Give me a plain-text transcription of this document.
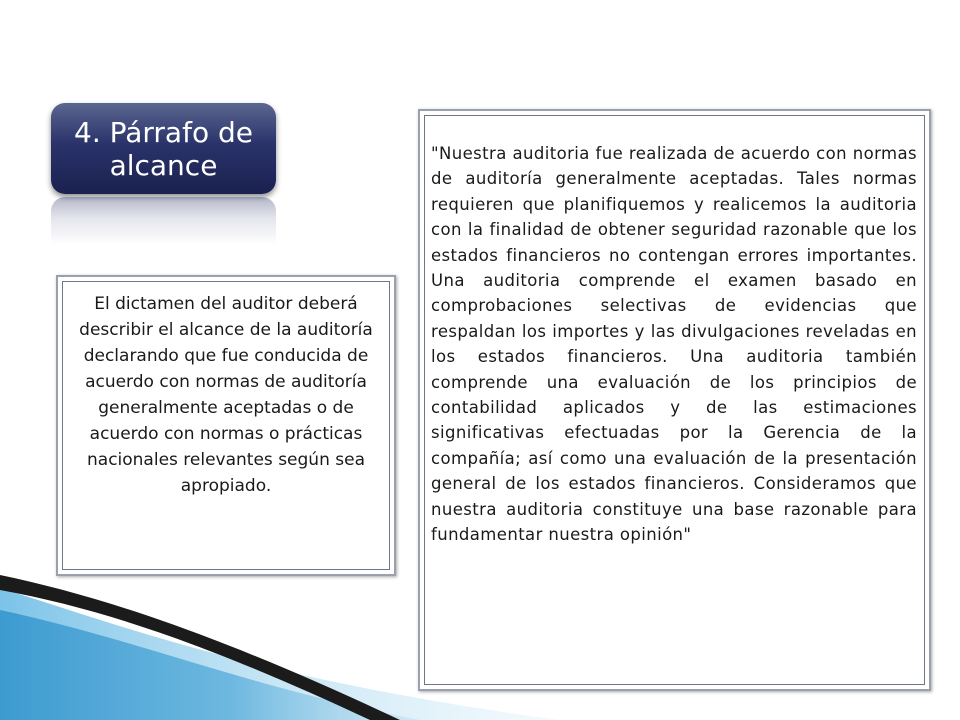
4. Párrafo de
alcance
El dictamen del auditor deberá describir el alcance de la auditoría declarando que fue conducida de acuerdo con normas de auditoría generalmente aceptadas o de acuerdo con normas o prácticas nacionales relevantes según sea apropiado.
"Nuestra auditoria fue realizada de acuerdo con normas de auditoría generalmente aceptadas. Tales normas requieren que planifiquemos y realicemos la auditoria con la finalidad de obtener seguridad razonable que los estados financieros no contengan errores importantes. Una auditoria comprende el examen basado en comprobaciones selectivas de evidencias que respaldan los importes y las divulgaciones reveladas en los estados financieros. Una auditoria también comprende una evaluación de los principios de contabilidad aplicados y de las estimaciones significativas efectuadas por la Gerencia de la compañía; así como una evaluación de la presentación general de los estados financieros. Consideramos que nuestra auditoria constituye una base razonable para fundamentar nuestra opinión"
